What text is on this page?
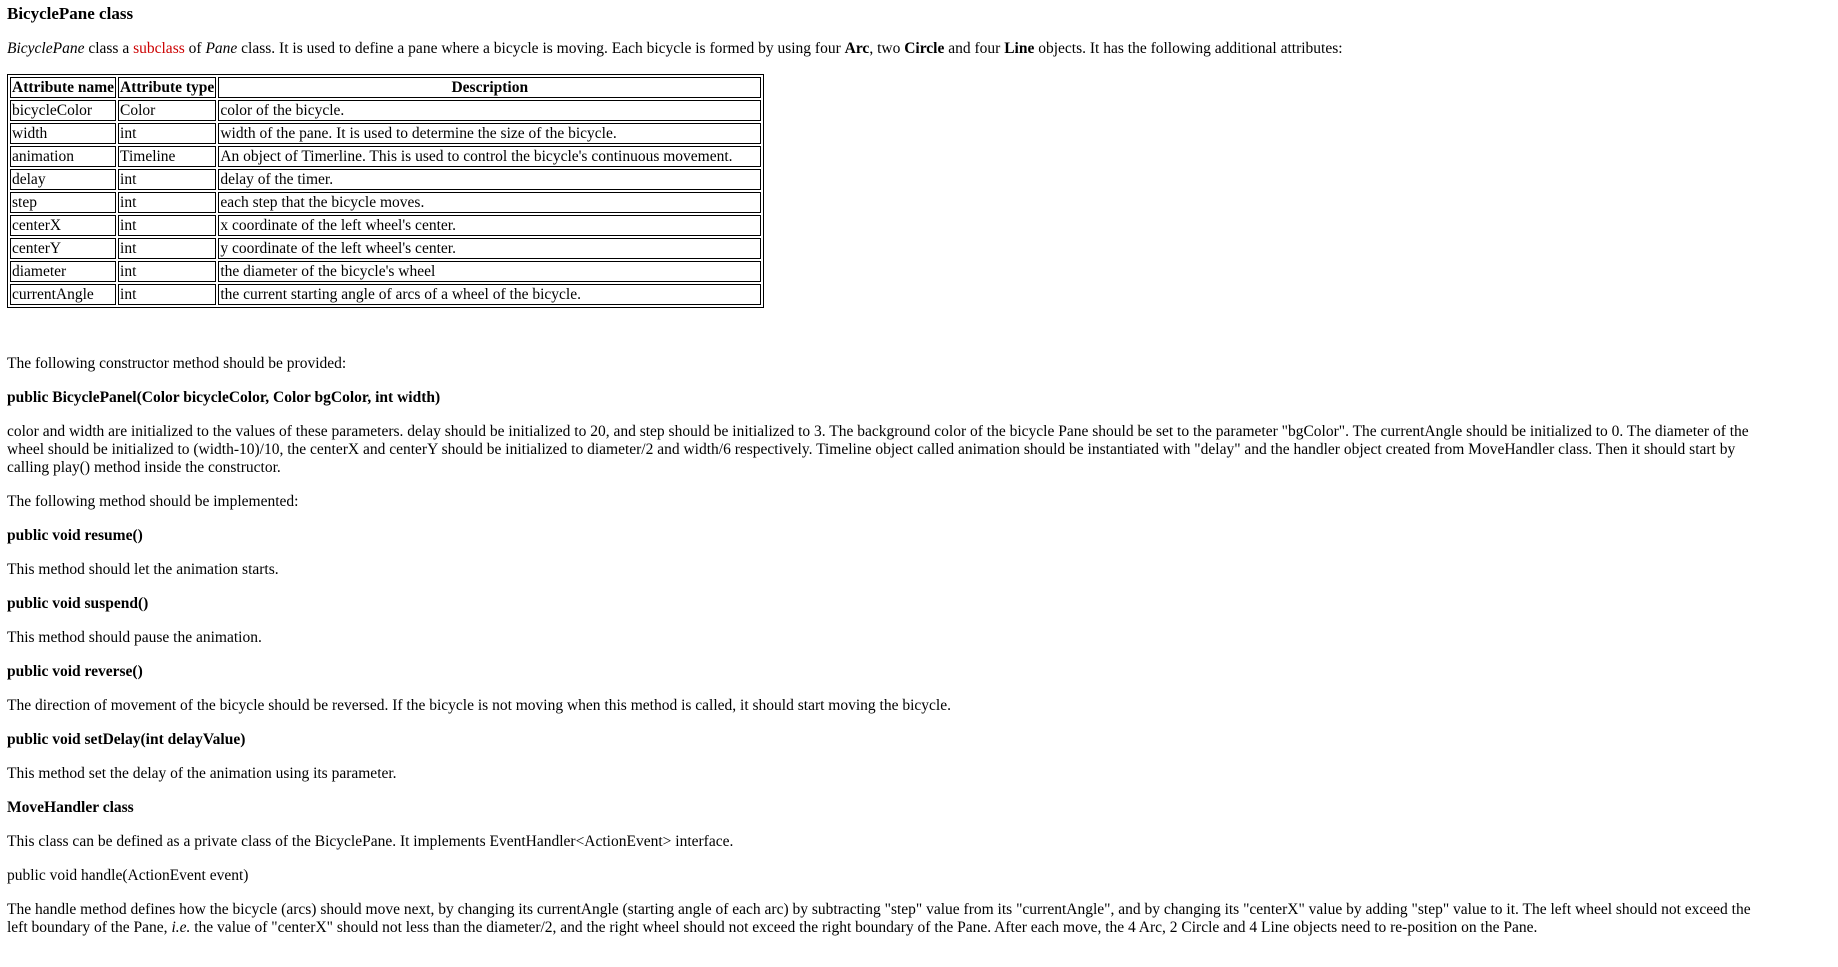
BicyclePane class

BicyclePane class a subclass of Pane class. It is used to define a pane where a bicycle is moving. Each bicycle is formed by using four Arc, two Circle and four Line objects. It has the following additional attributes:

Attribute name	Attribute type	Description
bicycleColor	Color	color of the bicycle.
width	int	width of the pane. It is used to determine the size of the bicycle.
animation	Timeline	An object of Timerline. This is used to control the bicycle's continuous movement.
delay	int	delay of the timer.
step	int	each step that the bicycle moves.
centerX	int	x coordinate of the left wheel's center.
centerY	int	y coordinate of the left wheel's center.
diameter	int	the diameter of the bicycle's wheel
currentAngle	int	the current starting angle of arcs of a wheel of the bicycle.

The following constructor method should be provided:

public BicyclePanel(Color bicycleColor, Color bgColor, int width)

color and width are initialized to the values of these parameters. delay should be initialized to 20, and step should be initialized to 3. The background color of the bicycle Pane should be set to the parameter "bgColor". The currentAngle should be initialized to 0. The diameter of the
wheel should be initialized to (width-10)/10, the centerX and centerY should be initialized to diameter/2 and width/6 respectively. Timeline object called animation should be instantiated with "delay" and the handler object created from MoveHandler class. Then it should start by
calling play() method inside the constructor.

The following method should be implemented:

public void resume()

This method should let the animation starts.

public void suspend()

This method should pause the animation.

public void reverse()

The direction of movement of the bicycle should be reversed. If the bicycle is not moving when this method is called, it should start moving the bicycle.

public void setDelay(int delayValue)

This method set the delay of the animation using its parameter.

MoveHandler class

This class can be defined as a private class of the BicyclePane. It implements EventHandler<ActionEvent> interface.

public void handle(ActionEvent event)

The handle method defines how the bicycle (arcs) should move next, by changing its currentAngle (starting angle of each arc) by subtracting "step" value from its "currentAngle", and by changing its "centerX" value by adding "step" value to it. The left wheel should not exceed the
left boundary of the Pane, i.e. the value of "centerX" should not less than the diameter/2, and the right wheel should not exceed the right boundary of the Pane. After each move, the 4 Arc, 2 Circle and 4 Line objects need to re-position on the Pane.
